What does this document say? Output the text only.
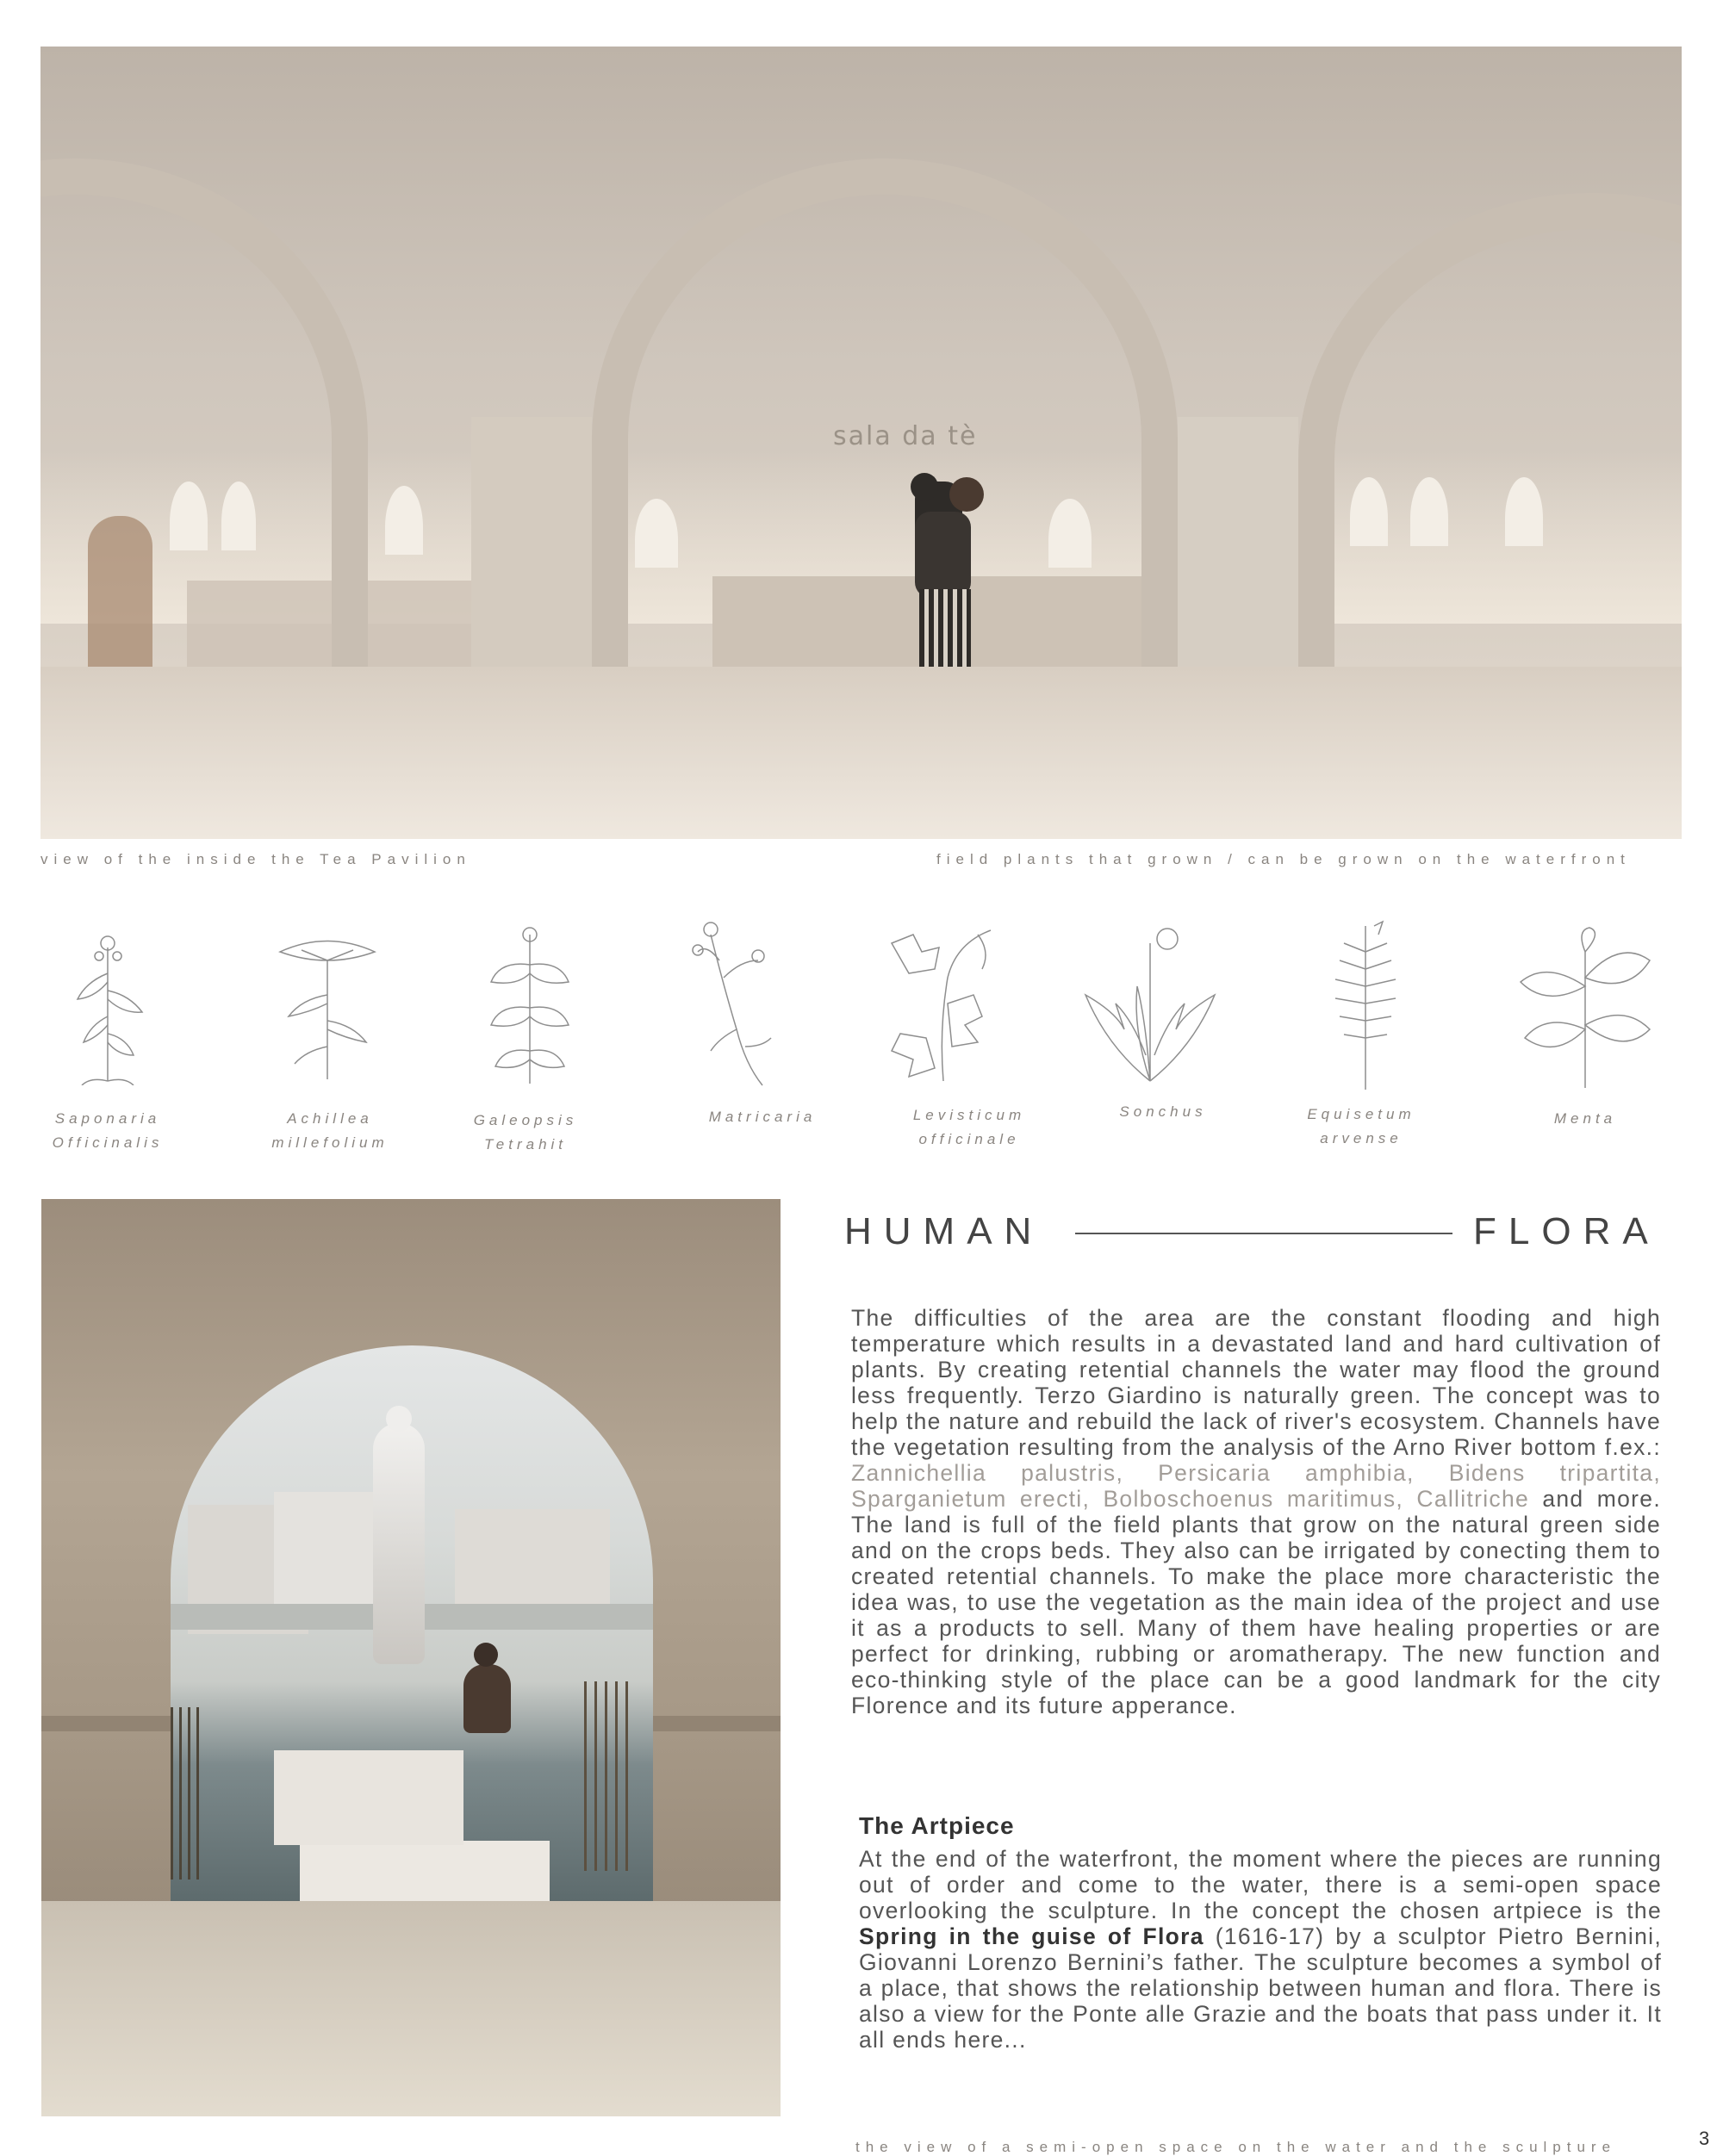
sala da tè
view of the inside the Tea Pavilion	field plants that grown / can be grown on the waterfront
Saponaria
Officinalis
Achillea
millefolium
Galeopsis
Tetrahit
Matricaria	Levisticum
officinale
Sonchus	Equisetum
arvense
Menta
HUMAN	FLORA
The difficulties of the area are the constant flooding and high temperature which results in a devastated land and hard cultivation of plants. By creating retential channels the water may flood the ground less frequently. Terzo Giardino is naturally green. The concept was to help the nature and rebuild the lack of river's ecosystem. Channels have the vegetation resulting from the analysis of the Arno River bottom f.ex.: Zannichellia palustris, Persicaria amphibia, Bidens tripartita, Sparganietum erecti, Bolboschoenus maritimus, Callitriche and more. The land is full of the field plants that grow on the natural green side and on the crops beds. They also can be irrigated by conecting them to created retential channels. To make the place more characteristic the idea was, to use the vegetation as the main idea of the project and use it as a products to sell. Many of them have healing properties or are perfect for drinking, rubbing or aromatherapy. The new function and eco-thinking style of the place can be a good landmark for the city Florence and its future apperance.
The Artpiece
At the end of the waterfront, the moment where the pieces are running out of order and come to the water, there is a semi-open space overlooking the sculpture. In the concept the chosen artpiece is the Spring in the guise of Flora (1616-17) by a sculptor Pietro Bernini, Giovanni Lorenzo Bernini’s father. The sculpture becomes a symbol of a place, that shows the relationship between human and flora. There is also a view for the Ponte alle Grazie and the boats that pass under it. It all ends here...
the view of a semi-open space on the water and the sculpture	3
